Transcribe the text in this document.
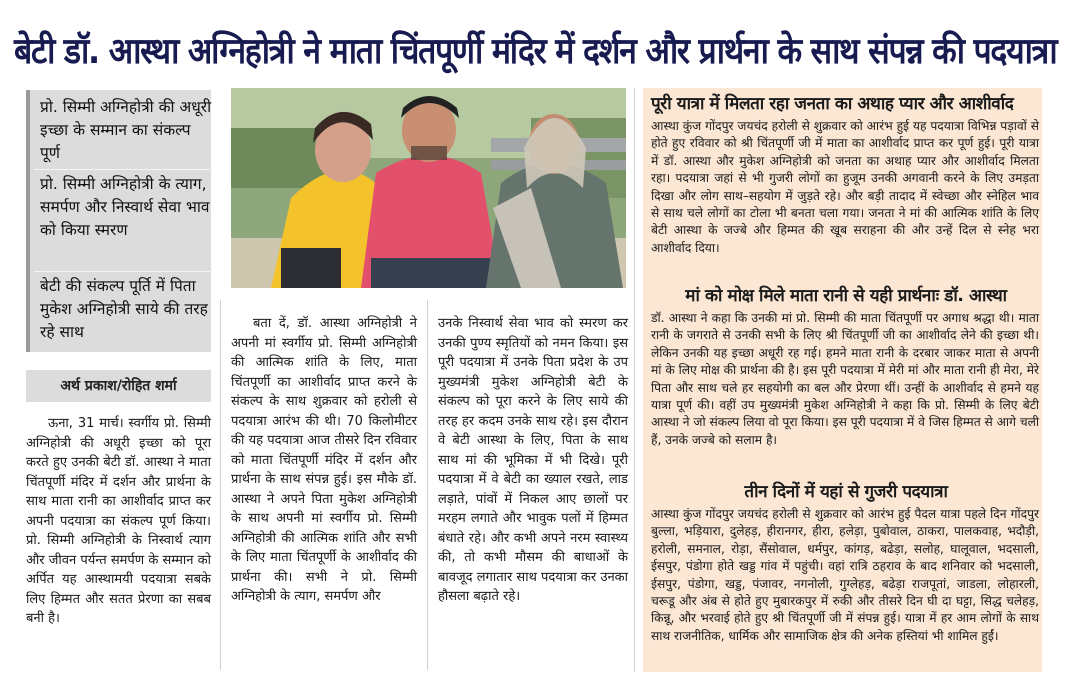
बेटी डॉ. आस्था अग्निहोत्री ने माता चिंतपूर्णी मंदिर में दर्शन और प्रार्थना के साथ संपन्न की पदयात्रा
प्रो. सिम्मी अग्निहोत्री की अधूरी इच्छा के सम्मान का संकल्प पूर्ण
प्रो. सिम्मी अग्निहोत्री के त्याग, समर्पण और निस्वार्थ सेवा भाव को किया स्मरण
बेटी की संकल्प पूर्ति में पिता मुकेश अग्निहोत्री साये की तरह रहे साथ
अर्थ प्रकाश/रोहित शर्मा

ऊना, 31 मार्च। स्वर्गीय प्रो. सिम्मी अग्निहोत्री की अधूरी इच्छा को पूरा करते हुए उनकी बेटी डॉ. आस्था ने माता चिंतपूर्णी मंदिर में दर्शन और प्रार्थना के साथ माता रानी का आशीर्वाद प्राप्त कर अपनी पदयात्रा का संकल्प पूर्ण किया। प्रो. सिम्मी अग्निहोत्री के निस्वार्थ त्याग और जीवन पर्यन्त समर्पण के सम्मान को अर्पित यह आस्थामयी पदयात्रा सबके लिए हिम्मत और सतत प्रेरणा का सबब बनी है।

बता दें, डॉ. आस्था अग्निहोत्री ने अपनी मां स्वर्गीय प्रो. सिम्मी अग्निहोत्री की आत्मिक शांति के लिए, माता चिंतपूर्णी का आशीर्वाद प्राप्त करने के संकल्प के साथ शुक्रवार को हरोली से पदयात्रा आरंभ की थी। 70 किलोमीटर की यह पदयात्रा आज तीसरे दिन रविवार को माता चिंतपूर्णी मंदिर में दर्शन और प्रार्थना के साथ संपन्न हुई। इस मौके डॉ. आस्था ने अपने पिता मुकेश अग्निहोत्री के साथ अपनी मां स्वर्गीय प्रो. सिम्मी अग्निहोत्री की आत्मिक शांति और सभी के लिए माता चिंतपूर्णी के आशीर्वाद की प्रार्थना की। सभी ने प्रो. सिम्मी अग्निहोत्री के त्याग, समर्पण और

उनके निस्वार्थ सेवा भाव को स्मरण कर उनकी पुण्य स्मृतियों को नमन किया। इस पूरी पदयात्रा में उनके पिता प्रदेश के उप मुख्यमंत्री मुकेश अग्निहोत्री बेटी के संकल्प को पूरा करने के लिए साये की तरह हर कदम उनके साथ रहे। इस दौरान वे बेटी आस्था के लिए, पिता के साथ साथ मां की भूमिका में भी दिखे। पूरी पदयात्रा में वे बेटी का ख्याल रखते, लाड लड़ाते, पांवों में निकल आए छालों पर मरहम लगाते और भावुक पलों में हिम्मत बंधाते रहे। और कभी अपने नरम स्वास्थ्य की, तो कभी मौसम की बाधाओं के बावजूद लगातार साथ पदयात्रा कर उनका हौसला बढ़ाते रहे।

पूरी यात्रा में मिलता रहा जनता का अथाह प्यार और आशीर्वाद
आस्था कुंज गोंदपुर जयचंद हरोली से शुक्रवार को आरंभ हुई यह पदयात्रा विभिन्न पड़ावों से होते हुए रविवार को श्री चिंतपूर्णी जी में माता का आशीर्वाद प्राप्त कर पूर्ण हुई। पूरी यात्रा में डॉ. आस्था और मुकेश अग्निहोत्री को जनता का अथाह प्यार और आशीर्वाद मिलता रहा। पदयात्रा जहां से भी गुजरी लोगों का हुजूम उनकी अगवानी करने के लिए उमड़ता दिखा और लोग साथ–सहयोग में जुड़ते रहे। और बड़ी तादाद में स्वेच्छा और स्नेहिल भाव से साथ चले लोगों का टोला भी बनता चला गया। जनता ने मां की आत्मिक शांति के लिए बेटी आस्था के जज्बे और हिम्मत की खूब सराहना की और उन्हें दिल से स्नेह भरा आशीर्वाद दिया।
मां को मोक्ष मिले माता रानी से यही प्रार्थनाः डॉ. आस्था
डॉ. आस्था ने कहा कि उनकी मां प्रो. सिम्मी की माता चिंतपूर्णी पर अगाध श्रद्धा थी। माता रानी के जगराते से उनकी सभी के लिए श्री चिंतपूर्णी जी का आशीर्वाद लेने की इच्छा थी। लेकिन उनकी यह इच्छा अधूरी रह गई। हमने माता रानी के दरबार जाकर माता से अपनी मां के लिए मोक्ष की प्रार्थना की है। इस पूरी पदयात्रा में मेरी मां और माता रानी ही मेरा, मेरे पिता और साथ चले हर सहयोगी का बल और प्रेरणा थीं। उन्हीं के आशीर्वाद से हमने यह यात्रा पूर्ण की। वहीं उप मुख्यमंत्री मुकेश अग्निहोत्री ने कहा कि प्रो. सिम्मी के लिए बेटी आस्था ने जो संकल्प लिया वो पूरा किया। इस पूरी पदयात्रा में वे जिस हिम्मत से आगे चली हैं, उनके जज्बे को सलाम है।
तीन दिनों में यहां से गुजरी पदयात्रा
आस्था कुंज गोंदपुर जयचंद हरोली से शुक्रवार को आरंभ हुई पैदल यात्रा पहले दिन गोंदपुर बुल्ला, भड़ियारा, दुलेहड़, हीरानगर, हीरा, हलेड़ा, पुबोवाल, ठाकरा, पालकवाह, भदौड़ी, हरोली, समनाल, रोड़ा, सैंसोवाल, धर्मपुर, कांगड़, बढेड़ा, सलोह, घालूवाल, भदसाली, ईसपुर, पंडोगा होते खड्ड गांव में पहुंची। वहां रात्रि ठहराव के बाद शनिवार को भदसाली, ईसपुर, पंडोगा, खड्ड, पंजावर, नगनोली, गुग्लेहड़, बढेड़ा राजपूतां, जाडला, लोहारली, चरूडू और अंब से होते हुए मुबारकपुर में रुकी और तीसरे दिन घी दा घट्टा, सिद्ध चलेहड़, किन्नू, और भरवाई होते हुए श्री चिंतपूर्णी जी में संपन्न हुई। यात्रा में हर आम लोगों के साथ साथ राजनीतिक, धार्मिक और सामाजिक क्षेत्र की अनेक हस्तियां भी शामिल हुईं।
